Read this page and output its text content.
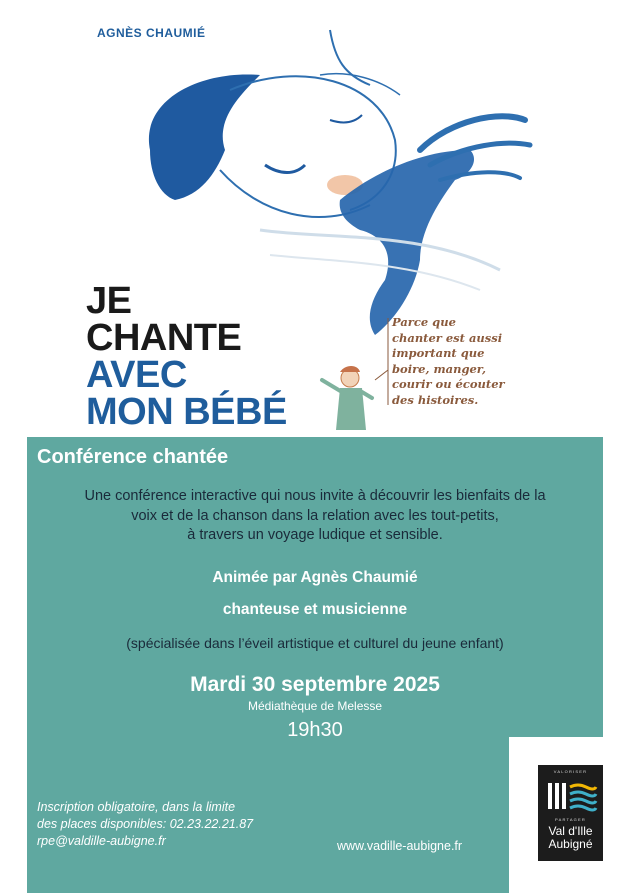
AGNÈS CHAUMIÉ
JE
CHANTE
AVEC
MON BÉBÉ
Parce que
chanter est aussi
important que
boire, manger,
courir ou écouter
des histoires.
Conférence chantée
Une conférence interactive qui nous invite à découvrir les bienfaits de la
voix et de la chanson dans la relation avec les tout-petits,
à travers un voyage ludique et sensible.
Animée par Agnès Chaumié
chanteuse et musicienne
(spécialisée dans l’éveil artistique et culturel du jeune enfant)
Mardi 30 septembre 2025
Médiathèque de Melesse
19h30
Inscription obligatoire, dans la limite
des places disponibles: 02.23.22.21.87
rpe@valdille-aubigne.fr	www.vadille-aubigne.fr
VALORISER
PARTAGER
Val d'Ille
Aubigné
